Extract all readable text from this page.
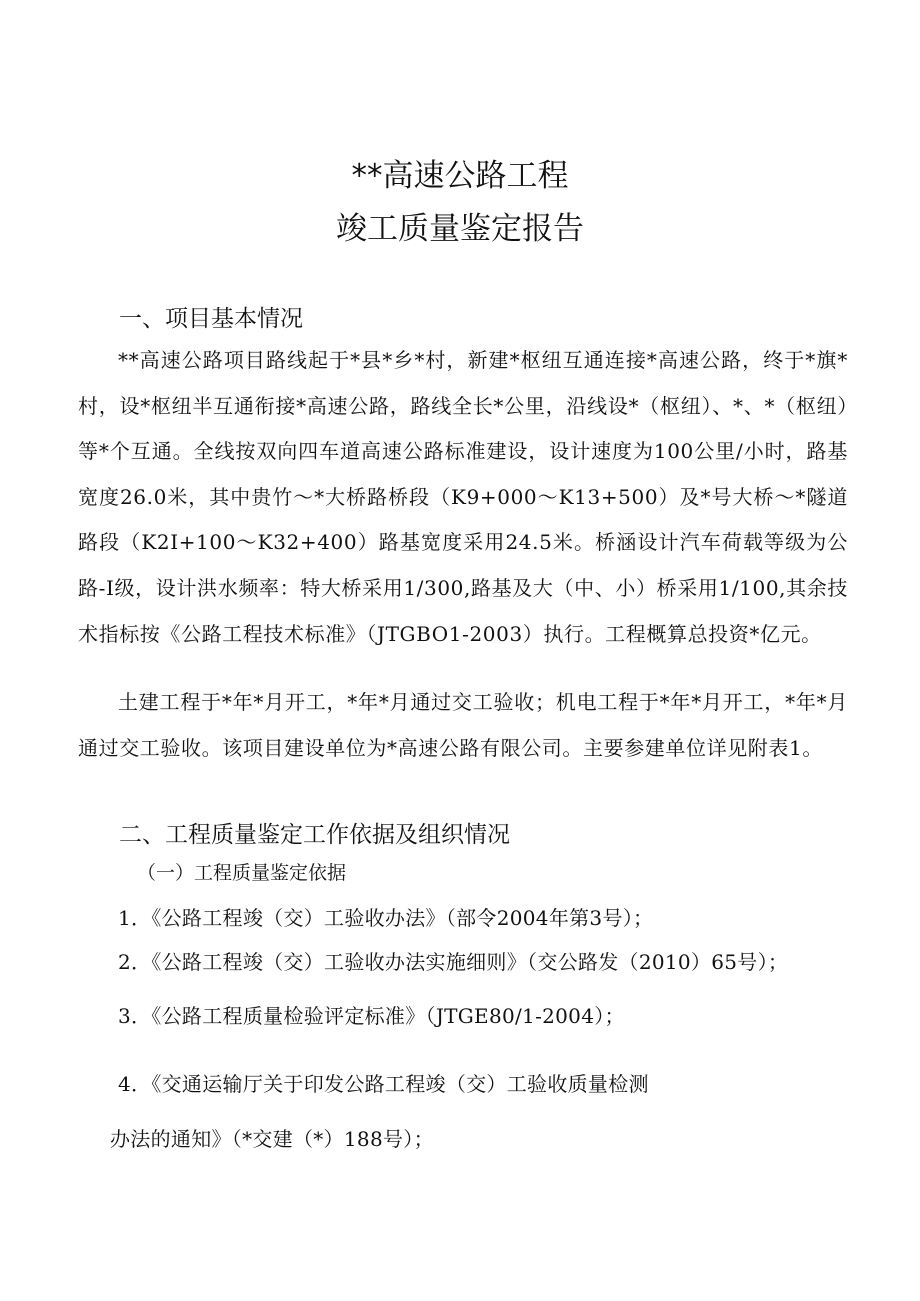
**高速公路工程
竣工质量鉴定报告
一、项目基本情况
**高速公路项目路线起于*县*乡*村，新建*枢纽互通连接*高速公路，终于*旗*村，设*枢纽半互通衔接*高速公路，路线全长*公里，沿线设*（枢纽）、*、*（枢纽）等*个互通。全线按双向四车道高速公路标准建设，设计速度为100公里/小时，路基宽度26.0米，其中贵竹～*大桥路桥段（K9+000～K13+500）及*号大桥～*隧道路段（K2I+100～K32+400）路基宽度采用24.5米。桥涵设计汽车荷载等级为公路-Ⅰ级，设计洪水频率：特大桥采用1/300,路基及大（中、小）桥采用1/100,其余技术指标按《公路工程技术标准》（JTGBO1-2003）执行。工程概算总投资*亿元。
土建工程于*年*月开工，*年*月通过交工验收；机电工程于*年*月开工，*年*月通过交工验收。该项目建设单位为*高速公路有限公司。主要参建单位详见附表1。
二、工程质量鉴定工作依据及组织情况
（一）工程质量鉴定依据
1．《公路工程竣（交）工验收办法》（部令2004年第3号）；
2．《公路工程竣（交）工验收办法实施细则》（交公路发（2010）65号）；
3．《公路工程质量检验评定标准》（JTGE80/1-2004）；
4．《交通运输厅关于印发公路工程竣（交）工验收质量检测
办法的通知》（*交建（*）188号）；
